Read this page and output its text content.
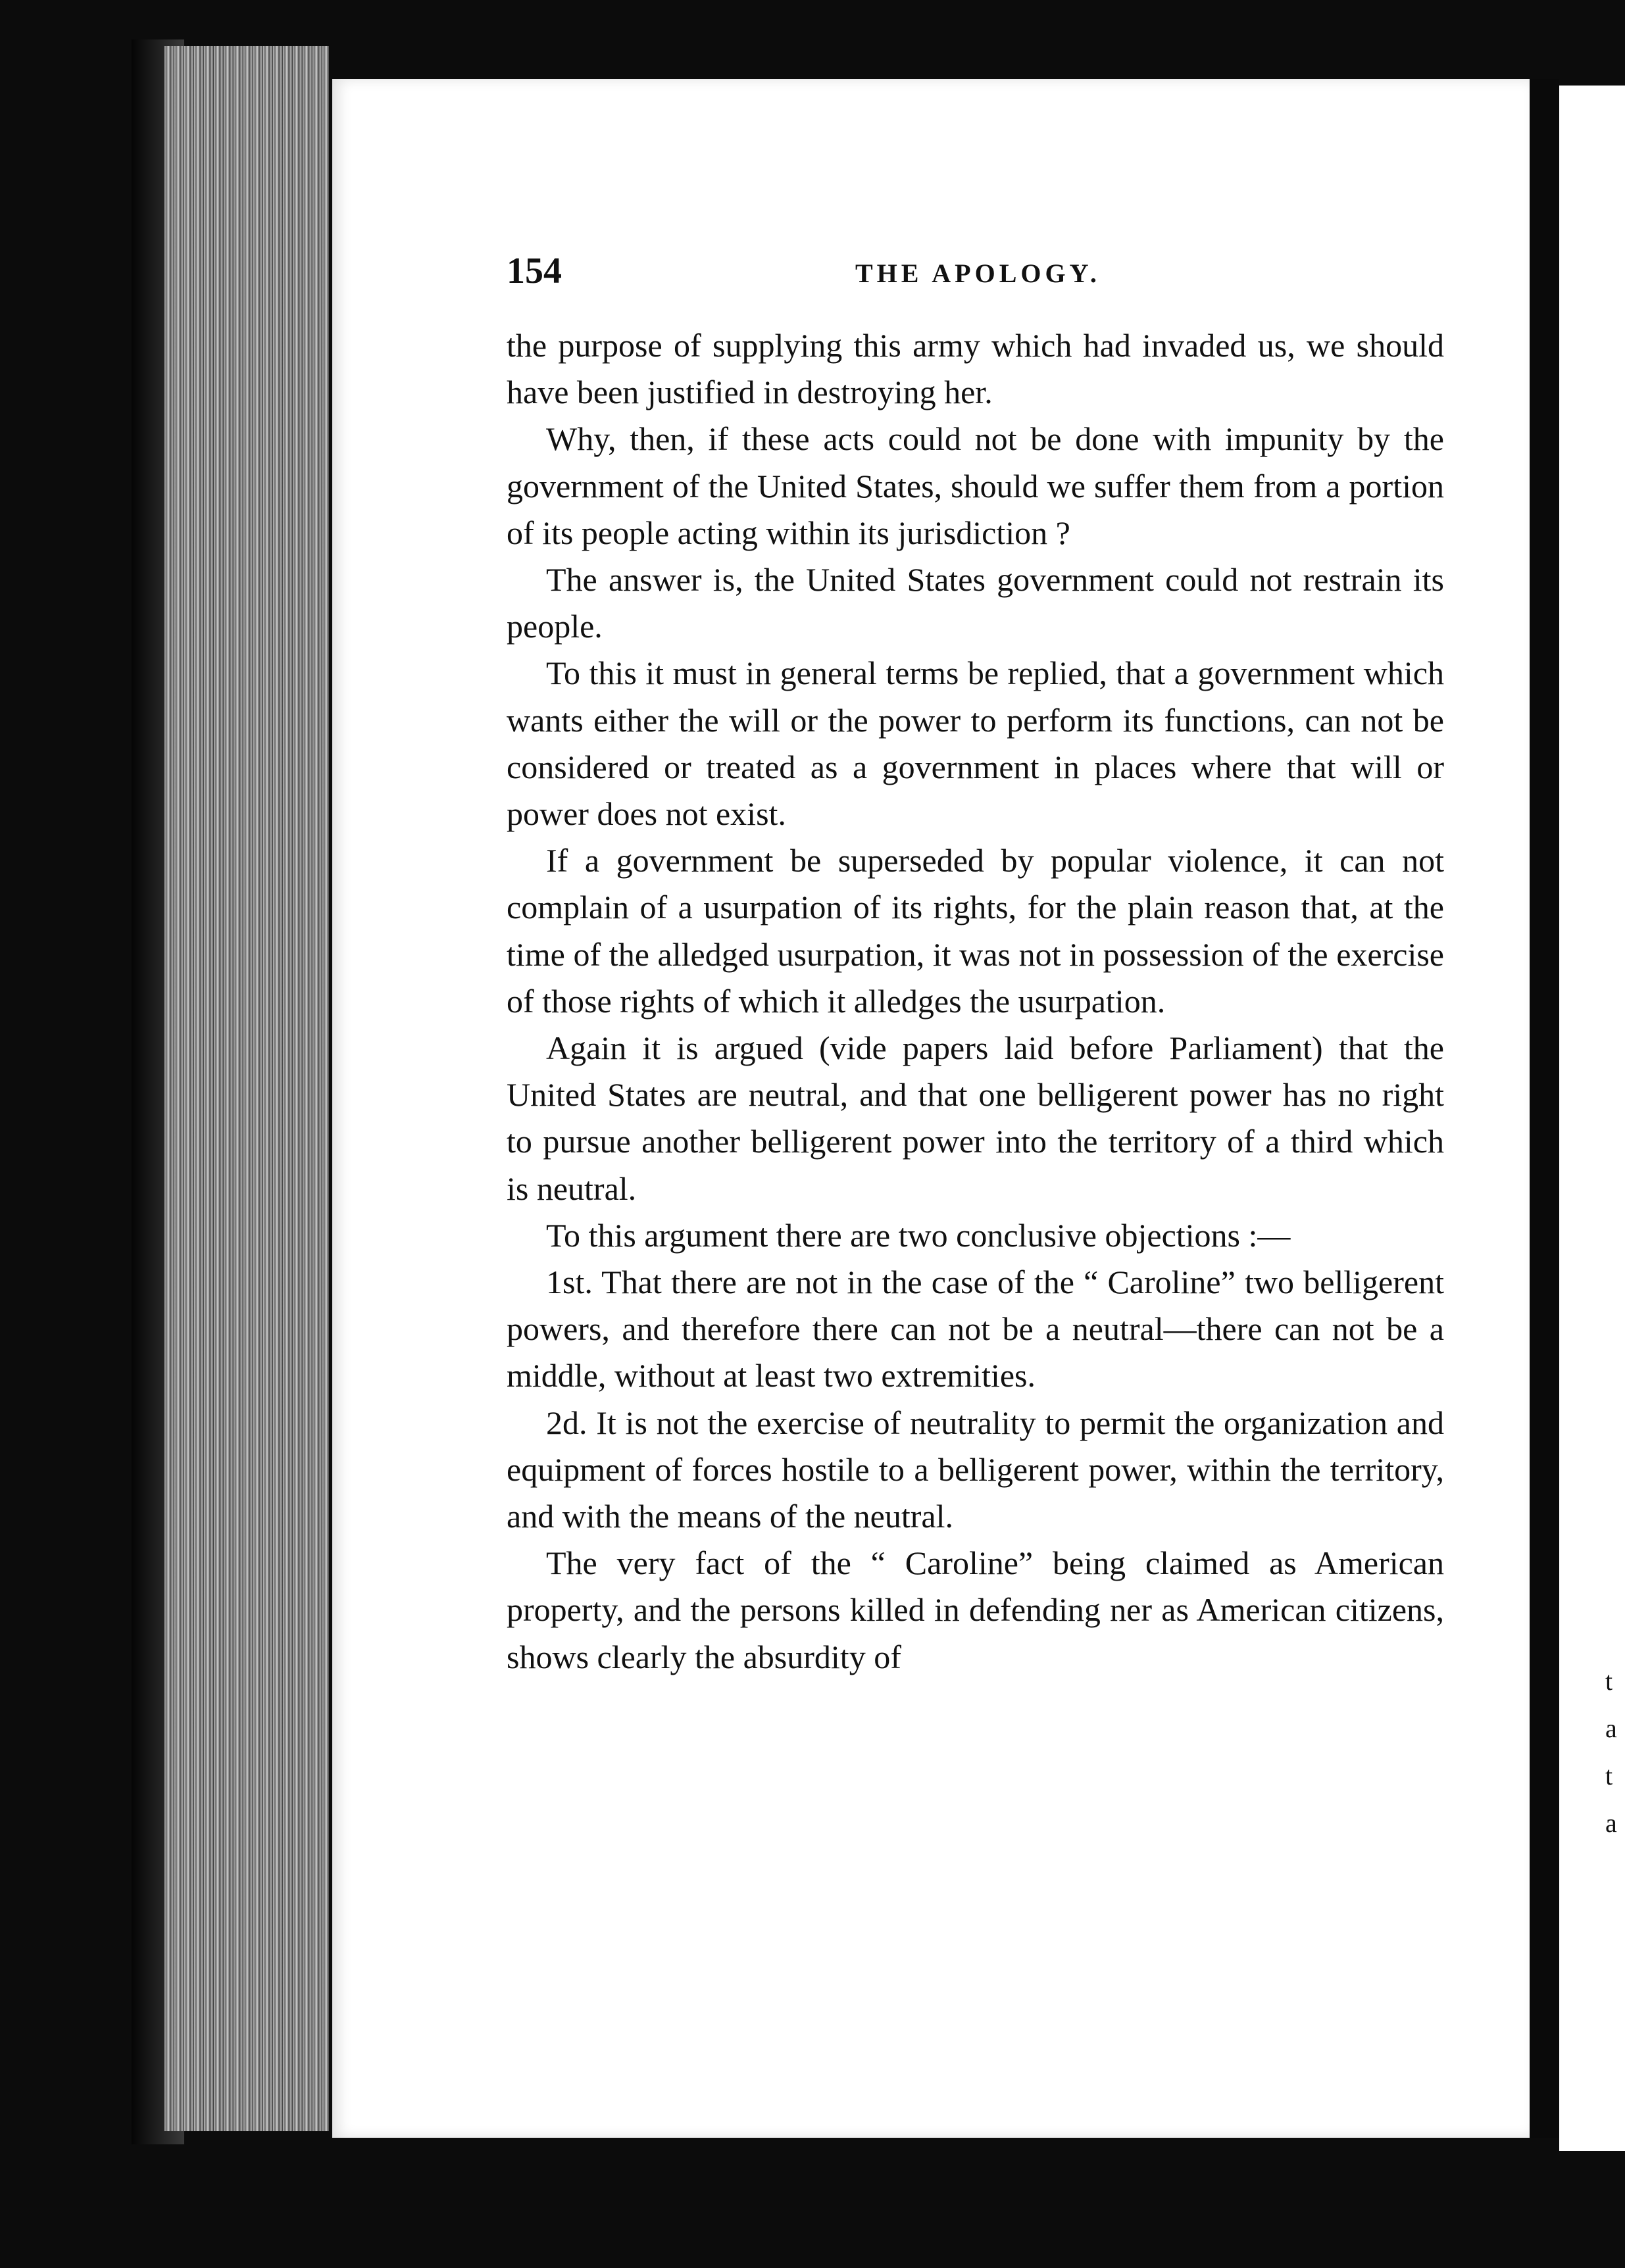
t
a
t
a
154	THE APOLOGY.

the purpose of supplying this army which had invaded us, we should have been justified in destroying her.

Why, then, if these acts could not be done with impunity by the government of the United States, should we suffer them from a portion of its people acting within its jurisdiction ?

The answer is, the United States government could not restrain its people.

To this it must in general terms be replied, that a government which wants either the will or the power to perform its functions, can not be considered or treated as a government in places where that will or power does not exist.

If a government be superseded by popular violence, it can not complain of a usurpation of its rights, for the plain reason that, at the time of the alledged usurpation, it was not in possession of the exercise of those rights of which it alledges the usurpation.

Again it is argued (vide papers laid before Parliament) that the United States are neutral, and that one belligerent power has no right to pursue another belligerent power into the territory of a third which is neutral.

To this argument there are two conclusive objections :—

1st. That there are not in the case of the “ Caroline” two belligerent powers, and therefore there can not be a neutral—there can not be a middle, without at least two extremities.

2d. It is not the exercise of neutrality to permit the organization and equipment of forces hostile to a belligerent power, within the territory, and with the means of the neutral.

The very fact of the “ Caroline” being claimed as American property, and the persons killed in defending ner as American citizens, shows clearly the absurdity of
